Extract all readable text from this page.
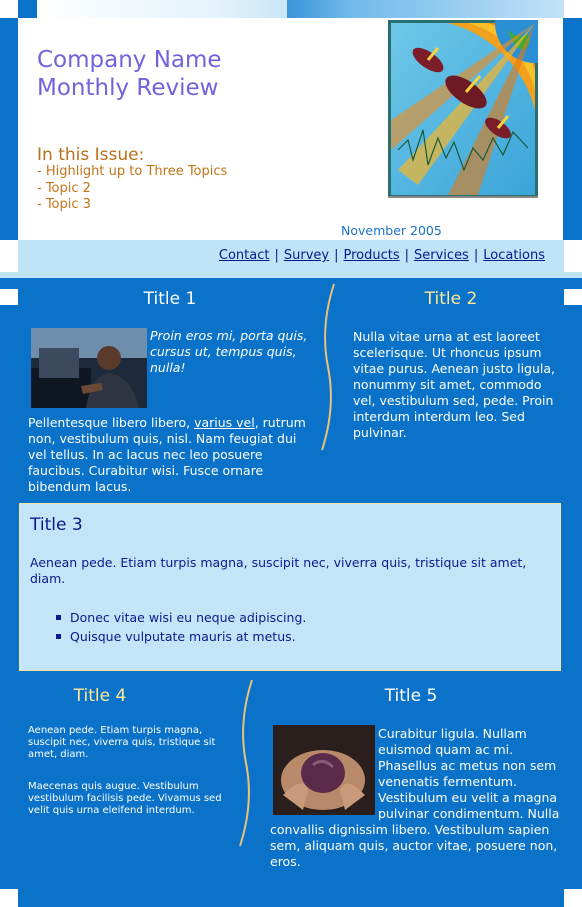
Company Name
Monthly Review
In this Issue:
- Highlight up to Three Topics
- Topic 2
- Topic 3
November 2005
Contact | Survey | Products | Services | Locations
Title 1
Proin eros mi, porta quis, cursus ut, tempus quis, nulla!
Pellentesque libero libero, varius vel, rutrum non, vestibulum quis, nisl. Nam feugiat dui vel tellus. In ac lacus nec leo posuere faucibus. Curabitur wisi. Fusce ornare bibendum lacus.
Title 2
Nulla vitae urna at est laoreet scelerisque. Ut rhoncus ipsum vitae purus. Aenean justo ligula, nonummy sit amet, commodo vel, vestibulum sed, pede. Proin interdum interdum leo. Sed pulvinar.
Title 3
Aenean pede. Etiam turpis magna, suscipit nec, viverra quis, tristique sit amet, diam.
Donec vitae wisi eu neque adipiscing.
Quisque vulputate mauris at metus.
Title 4
Aenean pede. Etiam turpis magna, suscipit nec, viverra quis, tristique sit amet, diam.
Maecenas quis augue. Vestibulum vestibulum facilisis pede. Vivamus sed velit quis urna eleifend interdum.
Title 5
Curabitur ligula. Nullam euismod quam ac mi. Phasellus ac metus non sem venenatis fermentum. Vestibulum eu velit a magna pulvinar condimentum. Nulla convallis dignissim libero. Vestibulum sapien sem, aliquam quis, auctor vitae, posuere non, eros.
